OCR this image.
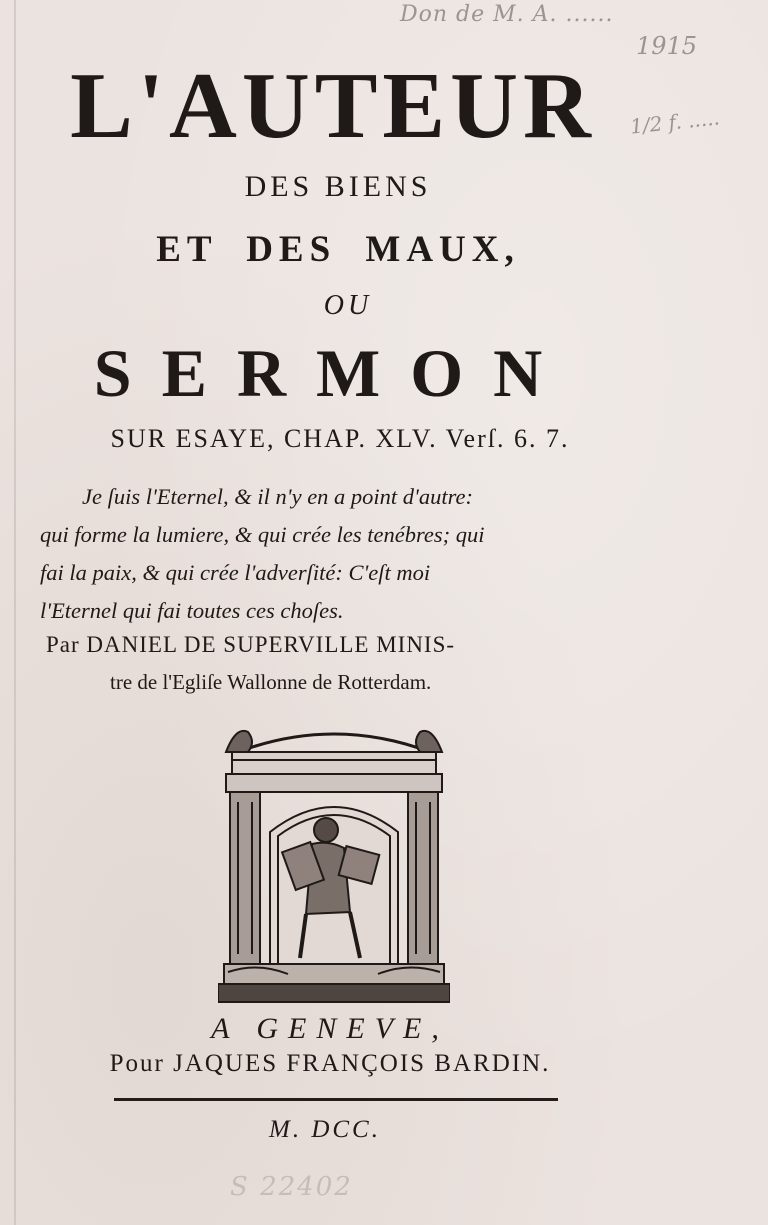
Don de M. A. ......
1915
1/2 f. .....
L'AUTEUR
DES BIENS
ET DES MAUX,
OU
SERMON
SUR ESAYE, CHAP. XLV. Verſ. 6. 7.
Je ſuis l'Eternel, & il n'y en a point d'autre:
qui forme la lumiere, & qui crée les tenébres; qui
fai la paix, & qui crée l'adverſité: C'eſt moi
l'Eternel qui fai toutes ces choſes.
Par DANIEL DE SUPERVILLE MINIS-
tre de l'Egliſe Wallonne de Rotterdam.
A GENEVE,
Pour JAQUES FRANÇOIS BARDIN.
M. DCC.
S 22402
